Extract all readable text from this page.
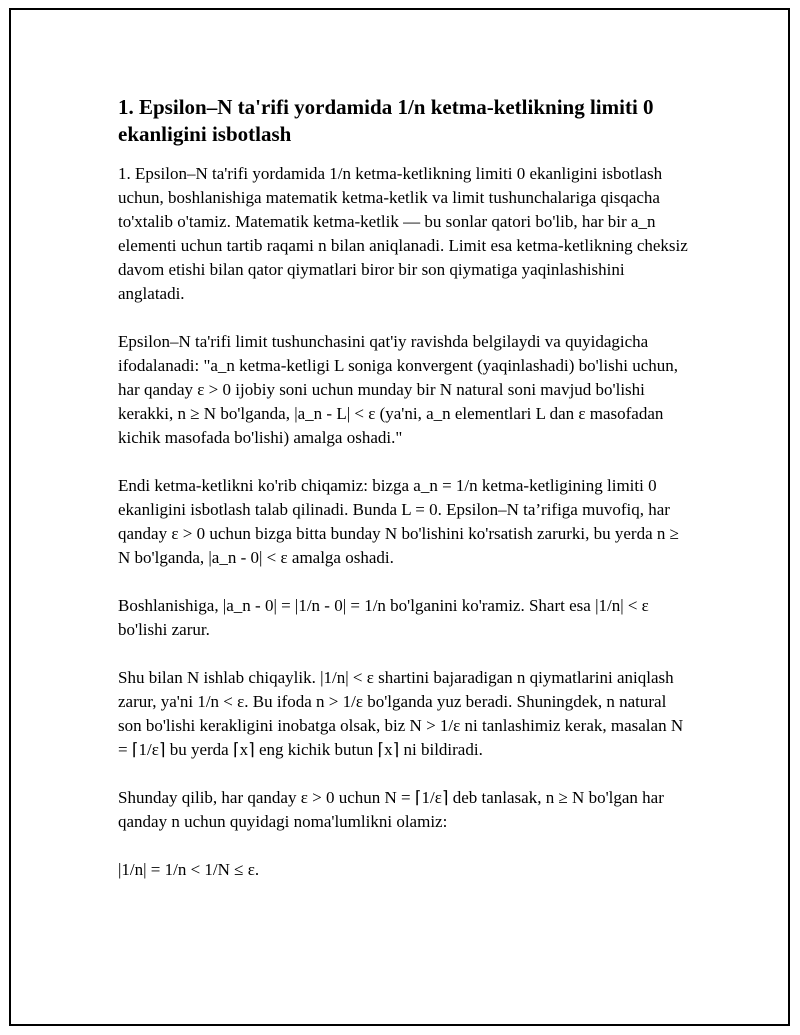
1. Epsilon–N ta'rifi yordamida 1/n ketma-ketlikning limiti 0 ekanligini isbotlash

1. Epsilon–N ta'rifi yordamida 1/n ketma-ketlikning limiti 0 ekanligini isbotlash uchun, boshlanishiga matematik ketma-ketlik va limit tushunchalariga qisqacha to'xtalib o'tamiz. Matematik ketma-ketlik — bu sonlar qatori bo'lib, har bir a_n elementi uchun tartib raqami n bilan aniqlanadi. Limit esa ketma-ketlikning cheksiz davom etishi bilan qator qiymatlari biror bir son qiymatiga yaqinlashishini anglatadi.

Epsilon–N ta'rifi limit tushunchasini qat'iy ravishda belgilaydi va quyidagicha ifodalanadi: "a_n ketma-ketligi L soniga konvergent (yaqinlashadi) bo'lishi uchun, har qanday ε > 0 ijobiy soni uchun munday bir N natural soni mavjud bo'lishi kerakki, n ≥ N bo'lganda, |a_n - L| < ε (ya'ni, a_n elementlari L dan ε masofadan kichik masofada bo'lishi) amalga oshadi."

Endi ketma-ketlikni ko'rib chiqamiz: bizga a_n = 1/n ketma-ketligining limiti 0 ekanligini isbotlash talab qilinadi. Bunda L = 0. Epsilon–N ta’rifiga muvofiq, har qanday ε > 0 uchun bizga bitta bunday N bo'lishini ko'rsatish zarurki, bu yerda n ≥ N bo'lganda, |a_n - 0| < ε amalga oshadi.

Boshlanishiga, |a_n - 0| = |1/n - 0| = 1/n bo'lganini ko'ramiz. Shart esa |1/n| < ε bo'lishi zarur.

Shu bilan N ishlab chiqaylik. |1/n| < ε shartini bajaradigan n qiymatlarini aniqlash zarur, ya'ni 1/n < ε. Bu ifoda n > 1/ε bo'lganda yuz beradi. Shuningdek, n natural son bo'lishi kerakligini inobatga olsak, biz N > 1/ε ni tanlashimiz kerak, masalan N = ⌈1/ε⌉ bu yerda ⌈x⌉ eng kichik butun ⌈x⌉ ni bildiradi.

Shunday qilib, har qanday ε > 0 uchun N = ⌈1/ε⌉ deb tanlasak, n ≥ N bo'lgan har qanday n uchun quyidagi noma'lumlikni olamiz:

|1/n| = 1/n < 1/N ≤ ε.
